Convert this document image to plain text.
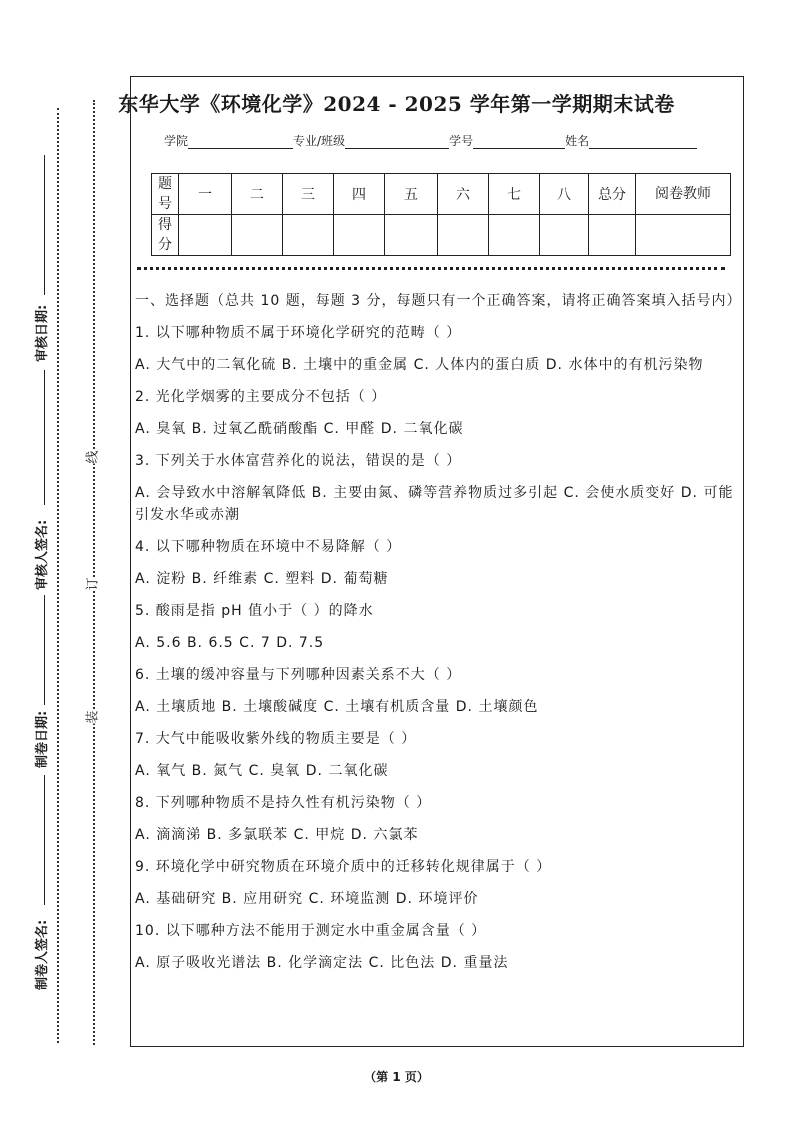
审核日期:
审核人签名:
制卷日期:
制卷人签名:
线
订
装
东华大学《环境化学》2024 - 2025 学年第一学期期末试卷
学院	专业/班级	学号	姓名
题号	一	二	三	四	五	六	七	八	总分	阅卷教师
得分										

一、选择题（总共 10 题，每题 3 分，每题只有一个正确答案，请将正确答案填入括号内）

1. 以下哪种物质不属于环境化学研究的范畴（ ）

A. 大气中的二氧化硫 B. 土壤中的重金属 C. 人体内的蛋白质 D. 水体中的有机污染物

2. 光化学烟雾的主要成分不包括（ ）

A. 臭氧 B. 过氧乙酰硝酸酯 C. 甲醛 D. 二氧化碳

3. 下列关于水体富营养化的说法，错误的是（ ）

A. 会导致水中溶解氧降低 B. 主要由氮、磷等营养物质过多引起 C. 会使水质变好 D. 可能引发水华或赤潮

4. 以下哪种物质在环境中不易降解（ ）

A. 淀粉 B. 纤维素 C. 塑料 D. 葡萄糖

5. 酸雨是指 pH 值小于（ ）的降水

A. 5.6 B. 6.5 C. 7 D. 7.5

6. 土壤的缓冲容量与下列哪种因素关系不大（ ）

A. 土壤质地 B. 土壤酸碱度 C. 土壤有机质含量 D. 土壤颜色

7. 大气中能吸收紫外线的物质主要是（ ）

A. 氧气 B. 氮气 C. 臭氧 D. 二氧化碳

8. 下列哪种物质不是持久性有机污染物（ ）

A. 滴滴涕 B. 多氯联苯 C. 甲烷 D. 六氯苯

9. 环境化学中研究物质在环境介质中的迁移转化规律属于（ ）

A. 基础研究 B. 应用研究 C. 环境监测 D. 环境评价

10. 以下哪种方法不能用于测定水中重金属含量（ ）

A. 原子吸收光谱法 B. 化学滴定法 C. 比色法 D. 重量法

（第 1 页）
